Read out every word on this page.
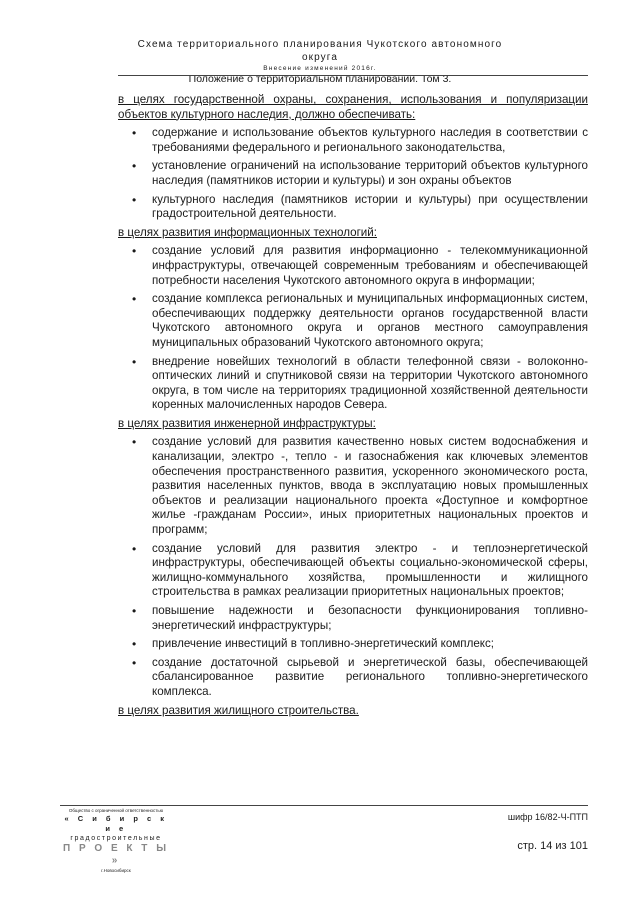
Схема территориального планирования Чукотского автономного округа
Внесение изменений 2016г.
Положение о территориальном планировании. Том 3.
в целях государственной охраны, сохранения, использования и популяризации объектов культурного наследия, должно обеспечивать:
• содержание и использование объектов культурного наследия в соответствии с требованиями федерального и регионального законодательства,
• установление ограничений на использование территорий объектов культурного наследия (памятников истории и культуры) и зон охраны объектов
• культурного наследия (памятников истории и культуры) при осуществлении градостроительной деятельности.
в целях развития информационных технологий:
• создание условий для развития информационно - телекоммуникационной инфраструктуры, отвечающей современным требованиям и обеспечивающей потребности населения Чукотского автономного округа в информации;
• создание комплекса региональных и муниципальных информационных систем, обеспечивающих поддержку деятельности органов государственной власти Чукотского автономного округа и органов местного самоуправления муниципальных образований Чукотского автономного округа;
• внедрение новейших технологий в области телефонной связи - волоконно-оптических линий и спутниковой связи на территории Чукотского автономного округа, в том числе на территориях традиционной хозяйственной деятельности коренных малочисленных народов Севера.
в целях развития инженерной инфраструктуры:
• создание условий для развития качественно новых систем водоснабжения и канализации, электро -, тепло - и газоснабжения как ключевых элементов обеспечения пространственного развития, ускоренного экономического роста, развития населенных пунктов, ввода в эксплуатацию новых промышленных объектов и реализации национального проекта «Доступное и комфортное жилье -гражданам России», иных приоритетных национальных проектов и программ;
• создание условий для развития электро - и теплоэнергетической инфраструктуры, обеспечивающей объекты социально-экономической сферы, жилищно-коммунального хозяйства, промышленности и жилищного строительства в рамках реализации приоритетных национальных проектов;
• повышение надежности и безопасности функционирования топливно-энергетический инфраструктуры;
• привлечение инвестиций в топливно-энергетический комплекс;
• создание достаточной сырьевой и энергетической базы, обеспечивающей сбалансированное развитие регионального топливно-энергетического комплекса.
в целях развития жилищного строительства.
Общество с ограниченной ответственностью
« С и б и р с к и е
градостроительные
П Р О Е К Т Ы »
г.Новосибирск
шифр 16/82-Ч-ПТП
стр. 14 из 101
